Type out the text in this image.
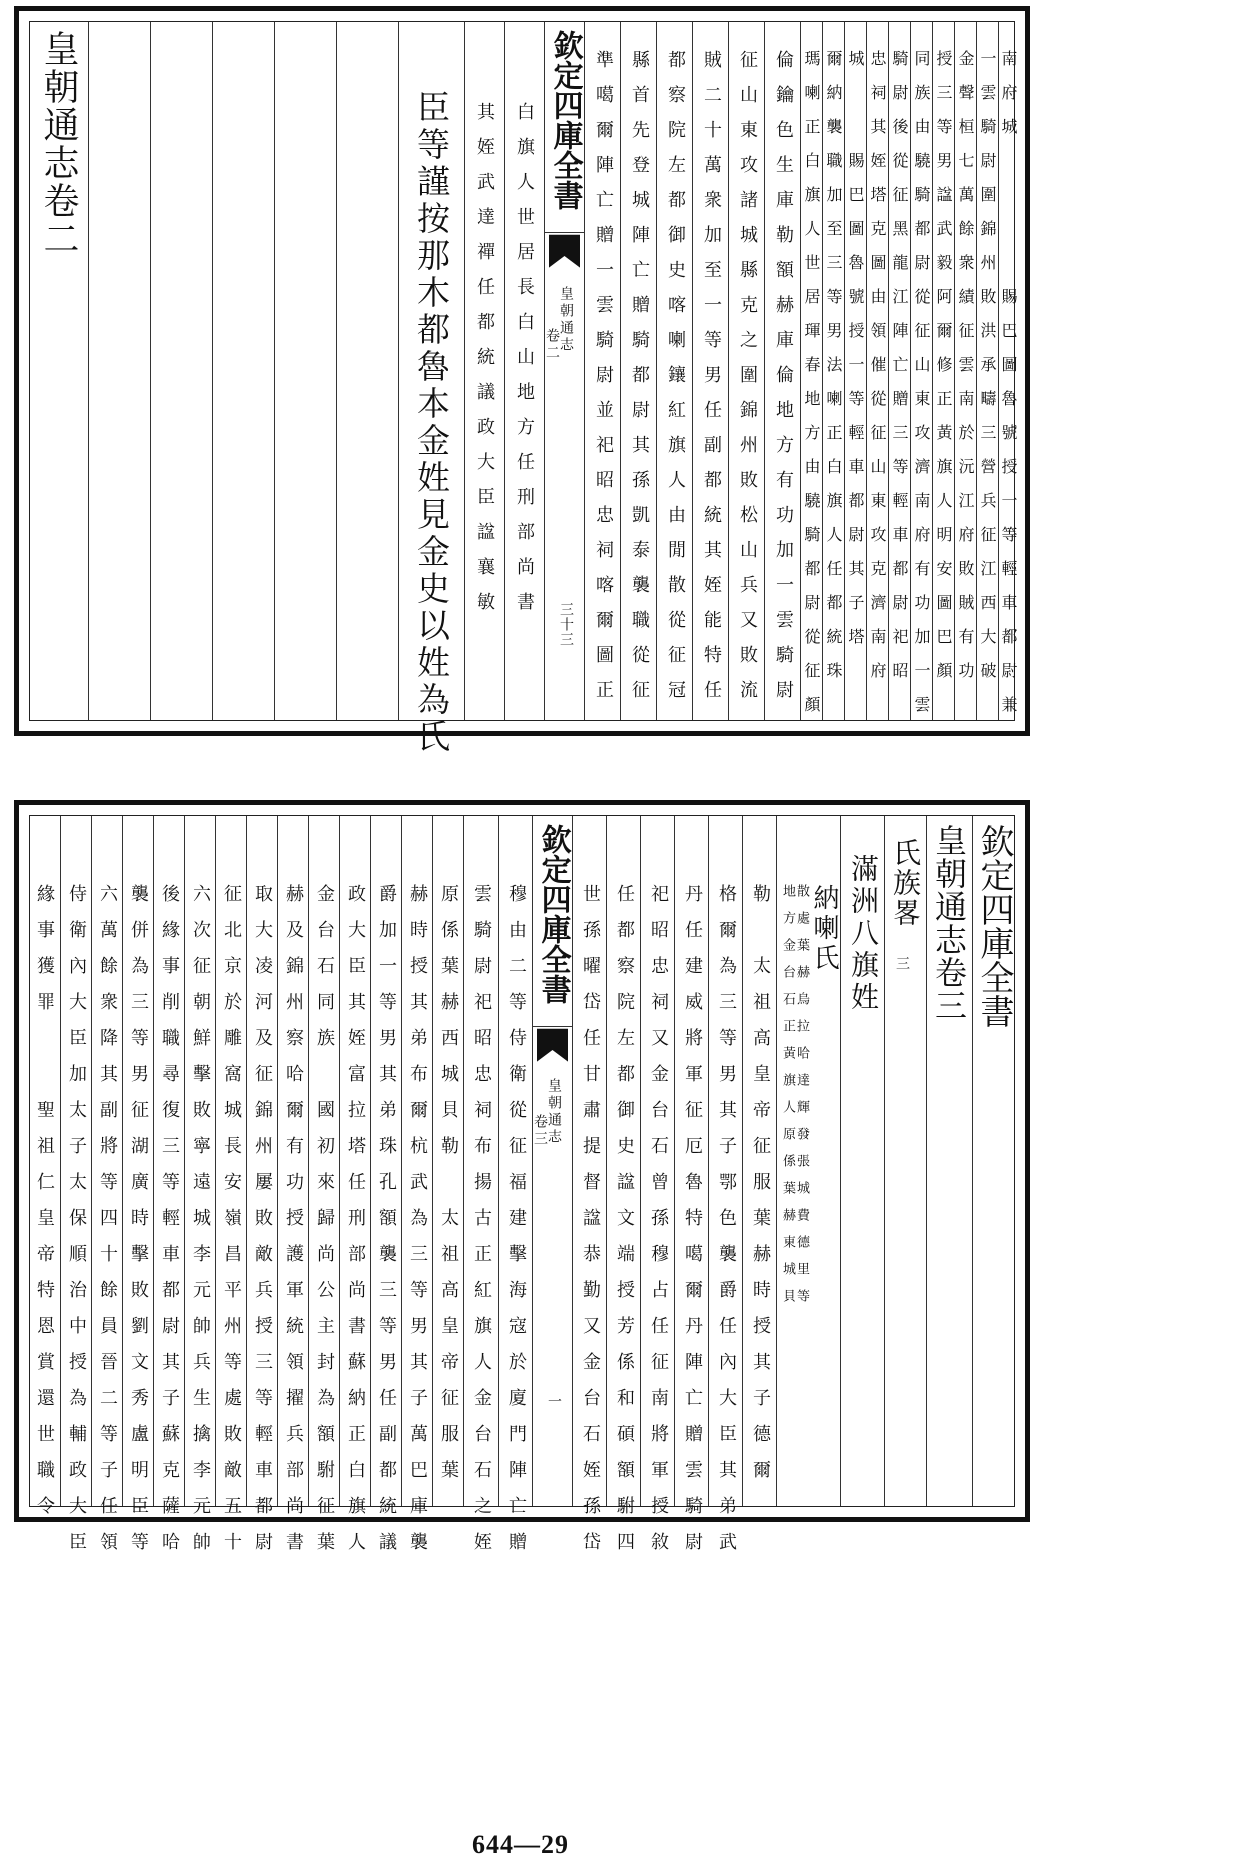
皇朝通志卷二	臣等謹按那木都魯本金姓見金史以姓為氏 其姪武達禪任都統議政大臣諡襄敏 白旗人世居長白山地方任刑部尚書 欽定四庫全書
皇朝通志
卷二
三十三 準噶爾陣亡贈一雲騎尉並祀昭忠祠喀爾圖正 縣首先登城陣亡贈騎都尉其孫凱泰襲職從征 都察院左都御史喀喇鑲紅旗人由閒散從征冠 賊二十萬衆加至一等男任副都統其姪能特任 征山東攻諸城縣克之圍錦州敗松山兵又敗流 倫鑰色生庫勒額赫庫倫地方有功加一雲騎尉 瑪喇正白旗人世居琿春地方由驍騎都尉從征顏 爾納襲職加至三等男法喇正白旗人任都統珠 城　　賜巴圖魯號授一等輕車都尉其子塔 忠祠其姪塔克圖由領催從征山東攻克濟南府 騎尉後從征黑龍江陣亡贈三等輕車都尉祀昭 同族由驍騎都尉從征山東攻濟南府有功加一雲 授三等男諡武毅阿爾修正黃旗人明安圖巴顏 金聲桓七萬餘衆績征雲南於沅江府敗賊有功 一雲騎尉圍錦州敗洪承疇三營兵征江西大破 南府城　　　　賜巴圖魯號授一等輕車都尉兼
緣事獲罪　　聖祖仁皇帝特恩賞還世職令 侍衛內大臣加太子太保順治中授為輔政大臣 六萬餘衆降其副將等四十餘員晉二等子任領 襲併為三等男征湖廣時擊敗劉文秀盧明臣等 後緣事削職尋復三等輕車都尉其子蘇克薩哈 六次征朝鮮擊敗寧遠城李元帥兵生擒李元帥 征北京於雕窩城長安嶺昌平州等處敗敵五十 取大凌河及征錦州屢敗敵兵授三等輕車都尉 赫及錦州察哈爾有功授護軍統領擢兵部尚書 金台石同族　國初來歸尚公主封為額駙征葉 政大臣其姪富拉塔任刑部尚書蘇納正白旗人 爵加一等男其弟珠孔額襲三等男任副都統議 赫時授其弟布爾杭武為三等男其子萬巴庫襲 原係葉赫西城貝勒　太祖高皇帝征服葉 雲騎尉祀昭忠祠布揚古正紅旗人金台石之姪 穆由二等侍衛從征福建擊海寇於廈門陣亡贈 欽定四庫全書
皇朝通志
卷三
一 世孫曜岱任甘肅提督諡恭勤又金台石姪孫岱 任都察院左都御史諡文端授芳係和碩額駙四 祀昭忠祠又金台石曾孫穆占任征南將軍授敘 丹任建威將軍征厄魯特噶爾丹陣亡贈雲騎尉 格爾為三等男其子鄂色襲爵任內大臣其弟武 勒　太祖高皇帝征服葉赫時授其子德爾 地方金台石正黃旗人原係葉赫東城貝 散處葉赫烏拉哈達輝發張城費德里等 納喇氏 滿洲八旗姓 氏族畧
三 皇朝通志卷三 欽定四庫全書
644—29
